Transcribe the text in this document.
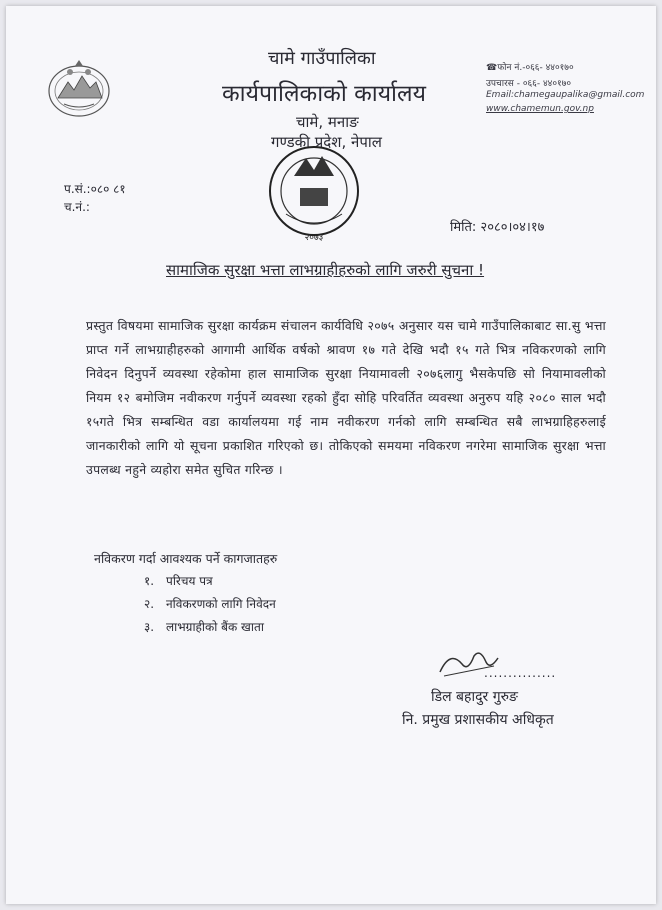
चामे गाउँपालिका
कार्यपालिकाको कार्यालय
चामे, मनाङ
गण्डकी प्रदेश, नेपाल
☎फोन नं.-०६६- ४४०१७०
उपचारस - ०६६- ४४०१७०
Email:chamegaupalika@gmail.com
www.chamemun.gov.np
प.सं.:०८० ८१
च.नं.:
२०७३
मिति: २०८०।०४।१७
सामाजिक सुरक्षा भत्ता लाभग्राहीहरुको लागि जरुरी सुचना !
प्रस्तुत विषयमा सामाजिक सुरक्षा कार्यक्रम संचालन कार्यविधि २०७५ अनुसार यस चामे गाउँपालिकाबाट सा.सु भत्ता प्राप्त गर्ने लाभग्राहीहरुको आगामी आर्थिक वर्षको श्रावण १७ गते देखि भदौ १५ गते भित्र नविकरणको लागि निवेदन दिनुपर्ने व्यवस्था रहेकोमा हाल सामाजिक सुरक्षा नियामावली २०७६लागु भैसकेपछि सो नियामावलीको नियम १२ बमोजिम नवीकरण गर्नुपर्ने व्यवस्था रहको हुँदा सोहि परिवर्तित व्यवस्था अनुरुप यहि २०८० साल भदौ १५गते भित्र सम्बन्धित वडा कार्यालयमा गई नाम नवीकरण गर्नको लागि सम्बन्धित सबै लाभग्राहिहरुलाई जानकारीको लागि यो सूचना प्रकाशित गरिएको छ। तोकिएको समयमा नविकरण नगरेमा सामाजिक सुरक्षा भत्ता उपलब्ध नहुने व्यहोरा समेत सुचित गरिन्छ ।
नविकरण गर्दा आवश्यक पर्ने कागजातहरु
१. परिचय पत्र
२. नविकरणको लागि निवेदन
३. लाभग्राहीको बैंक खाता
...............
डिल बहादुर गुरुङ
नि. प्रमुख प्रशासकीय अधिकृत
